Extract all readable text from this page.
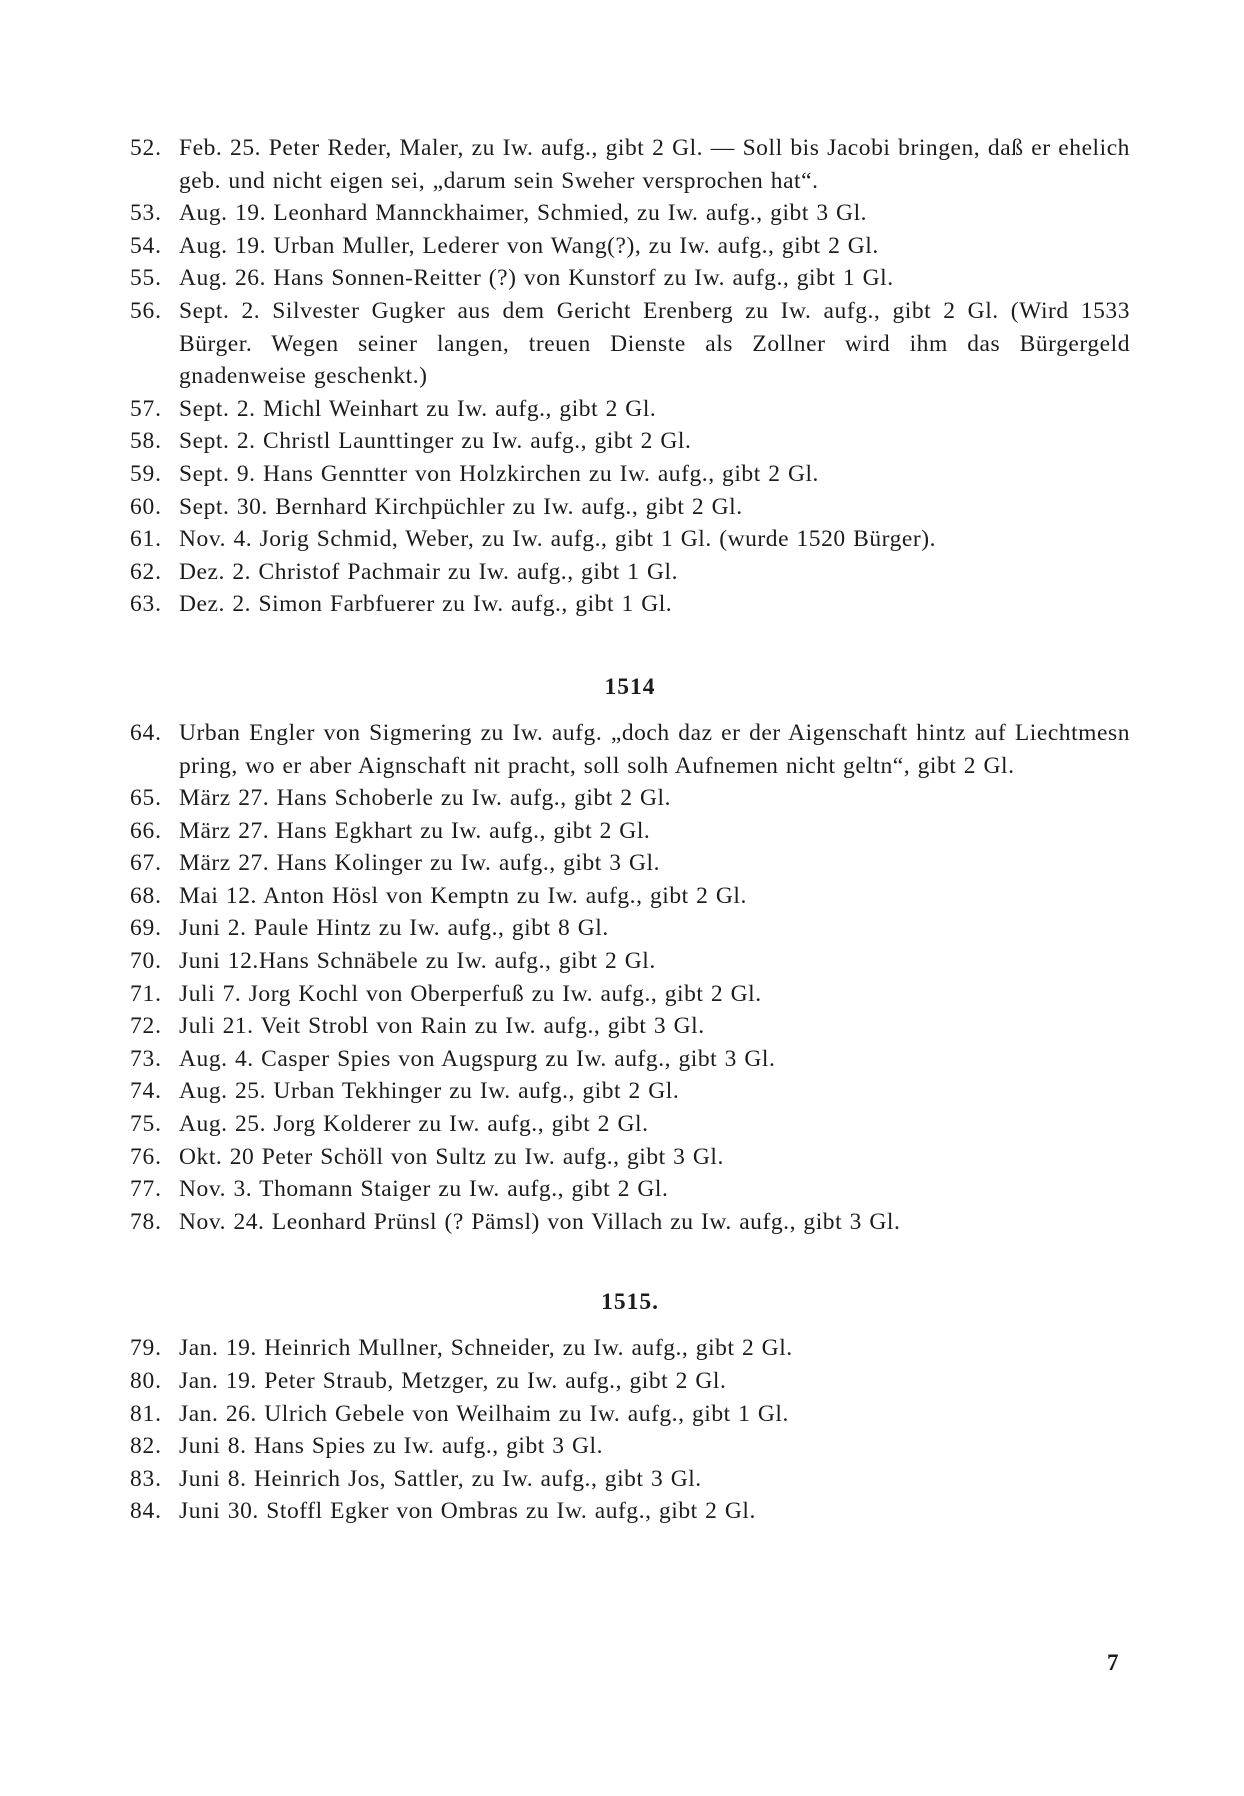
52. Feb. 25. Peter Reder, Maler, zu Iw. aufg., gibt 2 Gl. — Soll bis Jacobi bringen, daß er ehelich geb. und nicht eigen sei, „darum sein Sweher versprochen hat“.
53. Aug. 19. Leonhard Mannckhaimer, Schmied, zu Iw. aufg., gibt 3 Gl.
54. Aug. 19. Urban Muller, Lederer von Wang(?), zu Iw. aufg., gibt 2 Gl.
55. Aug. 26. Hans Sonnen-Reitter (?) von Kunstorf zu Iw. aufg., gibt 1 Gl.
56. Sept. 2. Silvester Gugker aus dem Gericht Erenberg zu Iw. aufg., gibt 2 Gl. (Wird 1533 Bürger. Wegen seiner langen, treuen Dienste als Zollner wird ihm das Bürgergeld gnadenweise geschenkt.)
57. Sept. 2. Michl Weinhart zu Iw. aufg., gibt 2 Gl.
58. Sept. 2. Christl Launttinger zu Iw. aufg., gibt 2 Gl.
59. Sept. 9. Hans Genntter von Holzkirchen zu Iw. aufg., gibt 2 Gl.
60. Sept. 30. Bernhard Kirchpüchler zu Iw. aufg., gibt 2 Gl.
61. Nov. 4. Jorig Schmid, Weber, zu Iw. aufg., gibt 1 Gl. (wurde 1520 Bürger).
62. Dez. 2. Christof Pachmair zu Iw. aufg., gibt 1 Gl.
63. Dez. 2. Simon Farbfuerer zu Iw. aufg., gibt 1 Gl.
1514
64. Urban Engler von Sigmering zu Iw. aufg. „doch daz er der Aigenschaft hintz auf Liechtmesn pring, wo er aber Aignschaft nit pracht, soll solh Aufnemen nicht geltn“, gibt 2 Gl.
65. März 27. Hans Schoberle zu Iw. aufg., gibt 2 Gl.
66. März 27. Hans Egkhart zu Iw. aufg., gibt 2 Gl.
67. März 27. Hans Kolinger zu Iw. aufg., gibt 3 Gl.
68. Mai 12. Anton Hösl von Kemptn zu Iw. aufg., gibt 2 Gl.
69. Juni 2. Paule Hintz zu Iw. aufg., gibt 8 Gl.
70. Juni 12.Hans Schnäbele zu Iw. aufg., gibt 2 Gl.
71. Juli 7. Jorg Kochl von Oberperfuß zu Iw. aufg., gibt 2 Gl.
72. Juli 21. Veit Strobl von Rain zu Iw. aufg., gibt 3 Gl.
73. Aug. 4. Casper Spies von Augspurg zu Iw. aufg., gibt 3 Gl.
74. Aug. 25. Urban Tekhinger zu Iw. aufg., gibt 2 Gl.
75. Aug. 25. Jorg Kolderer zu Iw. aufg., gibt 2 Gl.
76. Okt. 20 Peter Schöll von Sultz zu Iw. aufg., gibt 3 Gl.
77. Nov. 3. Thomann Staiger zu Iw. aufg., gibt 2 Gl.
78. Nov. 24. Leonhard Prünsl (? Pämsl) von Villach zu Iw. aufg., gibt 3 Gl.
1515.
79. Jan. 19. Heinrich Mullner, Schneider, zu Iw. aufg., gibt 2 Gl.
80. Jan. 19. Peter Straub, Metzger, zu Iw. aufg., gibt 2 Gl.
81. Jan. 26. Ulrich Gebele von Weilhaim zu Iw. aufg., gibt 1 Gl.
82. Juni 8. Hans Spies zu Iw. aufg., gibt 3 Gl.
83. Juni 8. Heinrich Jos, Sattler, zu Iw. aufg., gibt 3 Gl.
84. Juni 30. Stoffl Egker von Ombras zu Iw. aufg., gibt 2 Gl.
7
